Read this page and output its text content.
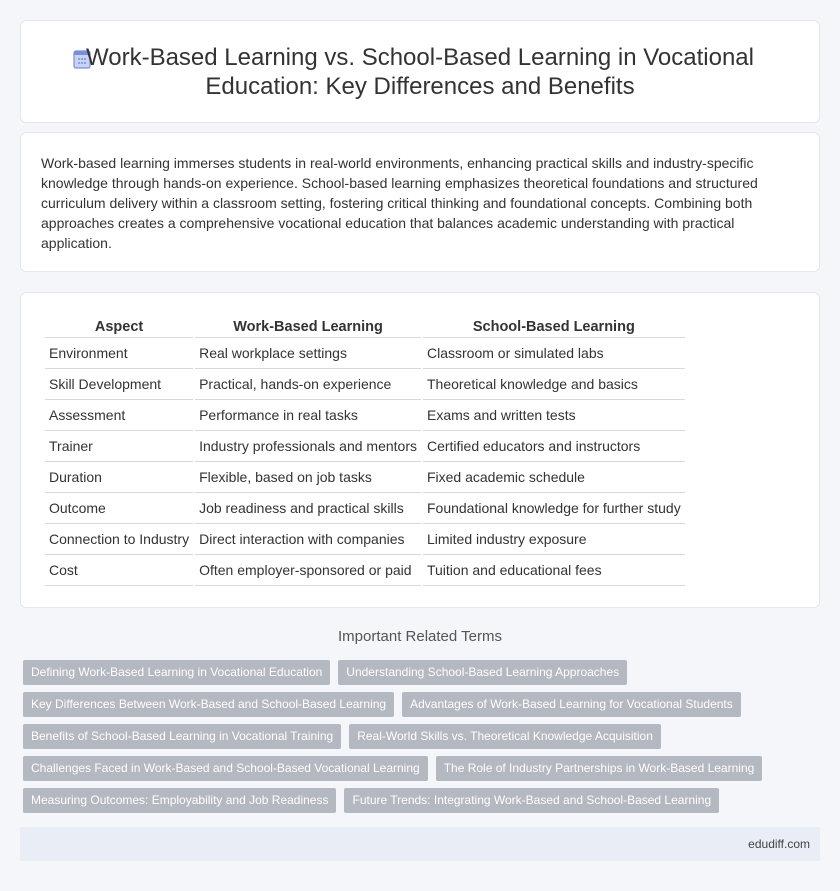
Work-Based Learning vs. School-Based Learning in Vocational Education: Key Differences and Benefits

Work-based learning immerses students in real-world environments, enhancing practical skills and industry-specific knowledge through hands-on experience. School-based learning emphasizes theoretical foundations and structured curriculum delivery within a classroom setting, fostering critical thinking and foundational concepts. Combining both approaches creates a comprehensive vocational education that balances academic understanding with practical application.

Aspect	Work-Based Learning	School-Based Learning
Environment	Real workplace settings	Classroom or simulated labs
Skill Development	Practical, hands-on experience	Theoretical knowledge and basics
Assessment	Performance in real tasks	Exams and written tests
Trainer	Industry professionals and mentors	Certified educators and instructors
Duration	Flexible, based on job tasks	Fixed academic schedule
Outcome	Job readiness and practical skills	Foundational knowledge for further study
Connection to Industry	Direct interaction with companies	Limited industry exposure
Cost	Often employer-sponsored or paid	Tuition and educational fees
Important Related Terms
Defining Work-Based Learning in Vocational Education	Understanding School-Based Learning Approaches
Key Differences Between Work-Based and School-Based Learning	Advantages of Work-Based Learning for Vocational Students
Benefits of School-Based Learning in Vocational Training	Real-World Skills vs. Theoretical Knowledge Acquisition
Challenges Faced in Work-Based and School-Based Vocational Learning	The Role of Industry Partnerships in Work-Based Learning
Measuring Outcomes: Employability and Job Readiness	Future Trends: Integrating Work-Based and School-Based Learning
edudiff.com
